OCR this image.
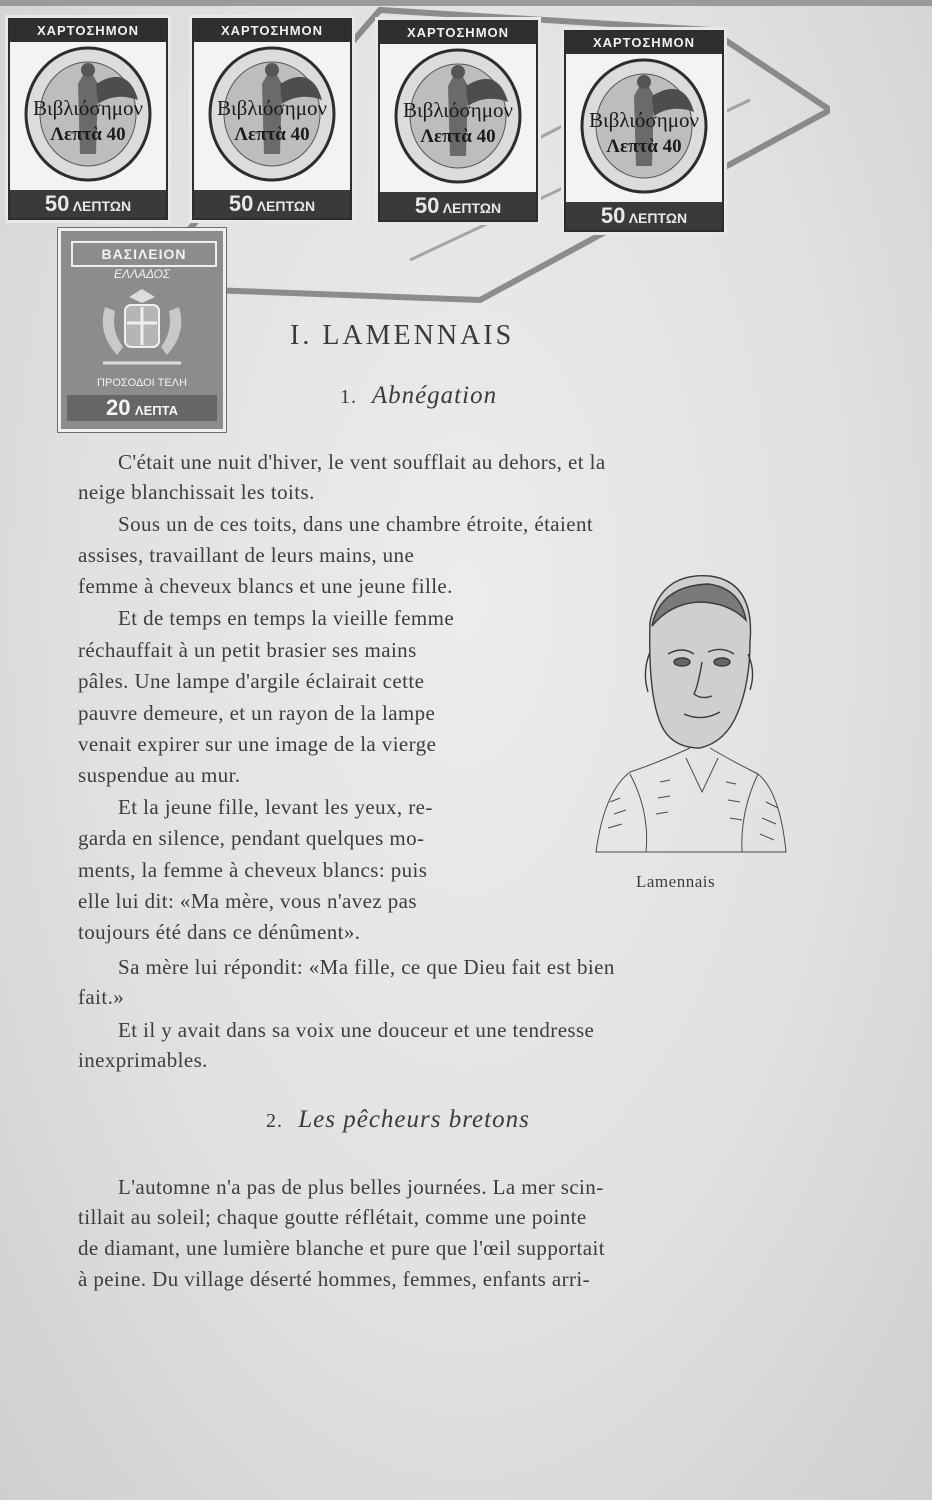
ΧΑΡΤΟΣΗΜΟΝ
Βιβλιόσημον
Λεπτὰ 40
50 ΛΕΠΤΩΝ
ΧΑΡΤΟΣΗΜΟΝ
Βιβλιόσημον
Λεπτὰ 40
50 ΛΕΠΤΩΝ
ΧΑΡΤΟΣΗΜΟΝ
Βιβλιόσημον
Λεπτὰ 40
50 ΛΕΠΤΩΝ
ΧΑΡΤΟΣΗΜΟΝ
Βιβλιόσημον
Λεπτὰ 40
50 ΛΕΠΤΩΝ
ΒΑΣΙΛΕΙΟΝ
ΕΛΛΑΔΟΣ
ΠΡΟΣΟΔΟΙ ΤΕΛΗ
20 ΛΕΠΤΑ
I. LAMENNAIS
1. Abnégation
C'était une nuit d'hiver, le vent soufflait au dehors, et la
neige blanchissait les toits.
Sous un de ces toits, dans une chambre étroite, étaient
assises, travaillant de leurs mains, une
femme à cheveux blancs et une jeune fille.
Et de temps en temps la vieille femme
réchauffait à un petit brasier ses mains
pâles. Une lampe d'argile éclairait cette
pauvre demeure, et un rayon de la lampe
venait expirer sur une image de la vierge
suspendue au mur.
Et la jeune fille, levant les yeux, re-
garda en silence, pendant quelques mo-
ments, la femme à cheveux blancs: puis
elle lui dit: «Ma mère, vous n'avez pas
toujours été dans ce dénûment».
Sa mère lui répondit: «Ma fille, ce que Dieu fait est bien
fait.»
Et il y avait dans sa voix une douceur et une tendresse
inexprimables.
Lamennais
2. Les pêcheurs bretons
L'automne n'a pas de plus belles journées. La mer scin-
tillait au soleil; chaque goutte réflétait, comme une pointe
de diamant, une lumière blanche et pure que l'œil supportait
à peine. Du village déserté hommes, femmes, enfants arri-
